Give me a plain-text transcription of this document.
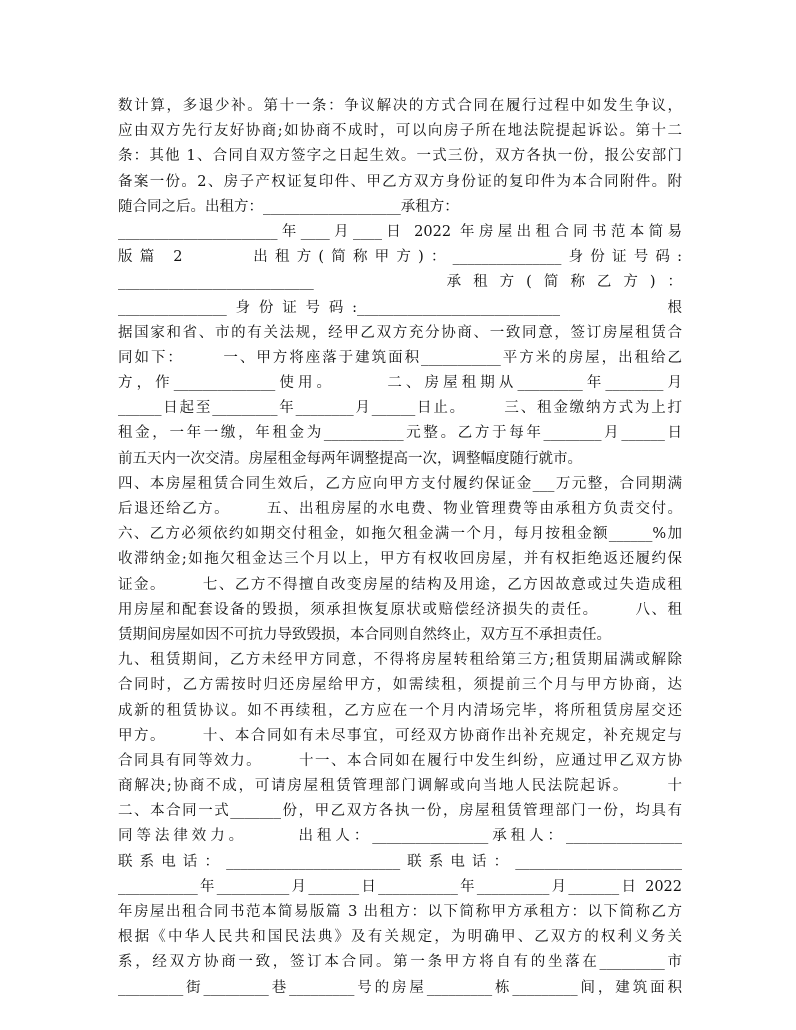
数计算，多退少补。第十一条：争议解决的方式合同在履行过程中如发生争议，
应由双方先行友好协商;如协商不成时，可以向房子所在地法院提起诉讼。第十二
条：其他 1、合同自双方签字之日起生效。一式三份，双方各执一份，报公安部门
备案一份。2、房子产权证复印件、甲乙方双方身份证的复印件为本合同附件。附
随合同之后。出租方：___________________承租方：
______________________年____月____日 2022 年房屋出租合同书范本简易
版篇 2      出租方(简称甲方)：_______________身份证号码:
___________________________        承租方(简称乙方)：
_______________身份证号码:____________________________        根
据国家和省、市的有关法规，经甲乙双方充分协商、一致同意，签订房屋租赁合
同如下：      一、甲方将座落于建筑面积___________平方米的房屋，出租给乙
方，作______________使用。      二、房屋租期从_________年________月
______日起至_________年________月______日止。      三、租金缴纳方式为上打
租金，一年一缴，年租金为___________元整。乙方于每年________月______日
前五天内一次交清。房屋租金每两年调整提高一次，调整幅度随行就市。
四、本房屋租赁合同生效后，乙方应向甲方支付履约保证金___万元整，合同期满
后退还给乙方。      五、出租房屋的水电费、物业管理费等由承租方负责交付。
六、乙方必须依约如期交付租金，如拖欠租金满一个月，每月按租金额______%加
收滞纳金;如拖欠租金达三个月以上，甲方有权收回房屋，并有权拒绝返还履约保
证金。      七、乙方不得擅自改变房屋的结构及用途，乙方因故意或过失造成租
用房屋和配套设备的毁损，须承担恢复原状或赔偿经济损失的责任。      八、租
赁期间房屋如因不可抗力导致毁损，本合同则自然终止，双方互不承担责任。
九、租赁期间，乙方未经甲方同意，不得将房屋转租给第三方;租赁期届满或解除
合同时，乙方需按时归还房屋给甲方，如需续租，须提前三个月与甲方协商，达
成新的租赁协议。如不再续租，乙方应在一个月内清场完毕，将所租赁房屋交还
甲方。      十、本合同如有未尽事宜，可经双方协商作出补充规定，补充规定与
合同具有同等效力。      十一、本合同如在履行中发生纠纷，应通过甲乙双方协
商解决;协商不成，可请房屋租赁管理部门调解或向当地人民法院起诉。      十
二、本合同一式_______份，甲乙双方各执一份，房屋租赁管理部门一份，均具有
同等法律效力。      出租人：________________承租人：________________
联系电话：________________________联系电话：_______________________
___________年__________月_______日___________年__________月_______日 2022
年房屋出租合同书范本简易版篇 3 出租方：以下简称甲方承租方：以下简称乙方
根据《中华人民共和国民法典》及有关规定，为明确甲、乙双方的权利义务关
系，经双方协商一致，签订本合同。第一条甲方将自有的坐落在_________市
_________街_________巷_________号的房屋_________栋_________间，建筑面积
